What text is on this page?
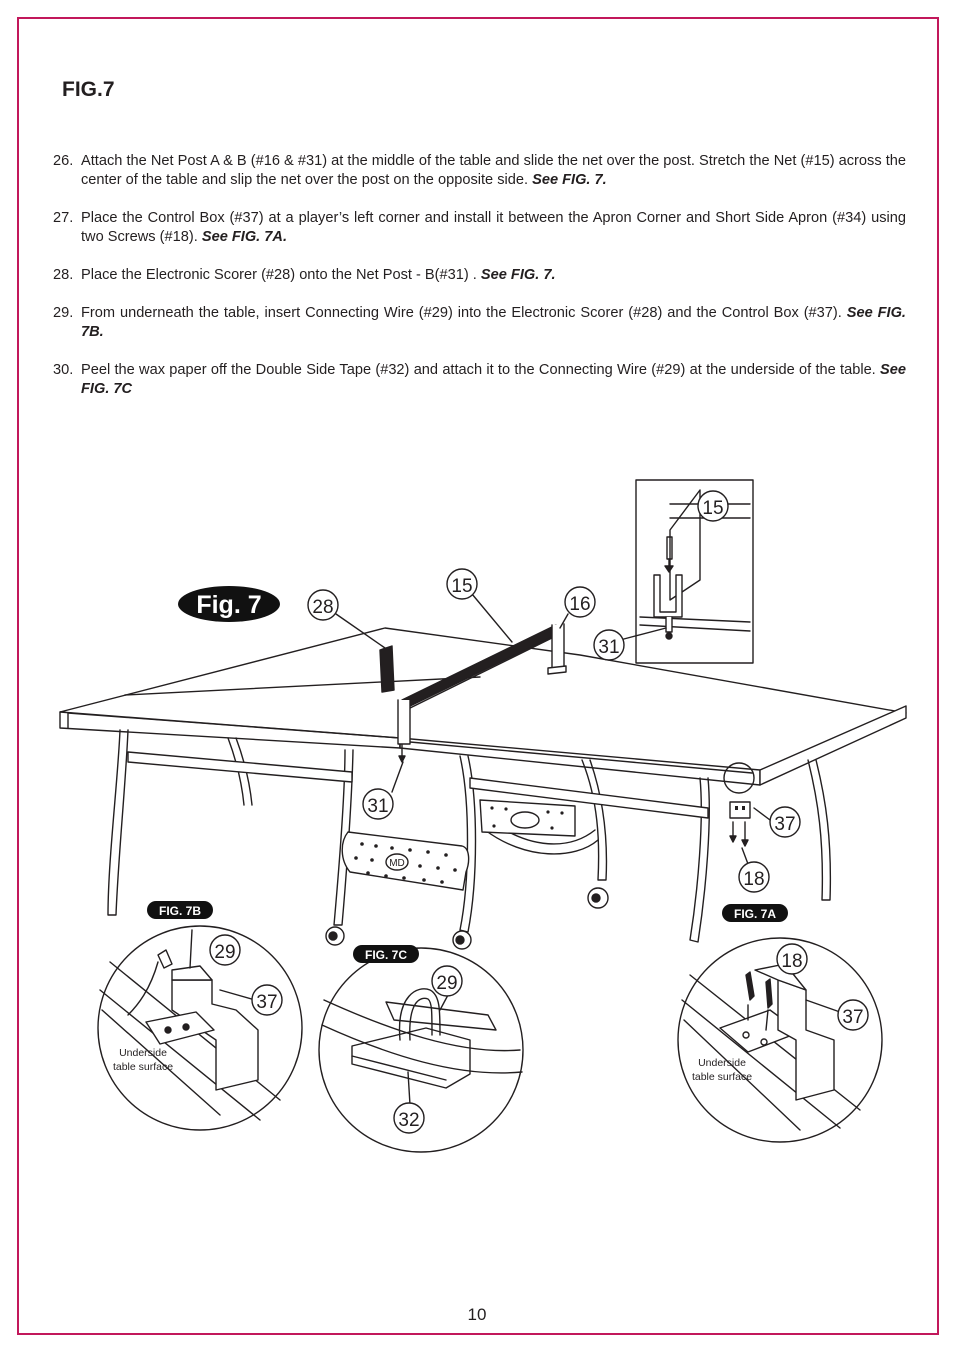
FIG.7
26. Attach the Net Post A & B (#16 & #31) at the middle of the table and slide the net over the post. Stretch the Net (#15) across the center of the table and slip the net over the post on the opposite side. See FIG. 7.
27. Place the Control Box (#37) at a player’s left corner and install it between the Apron Corner and Short Side Apron (#34) using two Screws (#18). See FIG. 7A.
28. Place the Electronic Scorer (#28) onto the Net Post - B(#31) . See FIG. 7.
29. From underneath the table, insert Connecting Wire (#29) into the Electronic Scorer (#28) and the Control Box (#37). See FIG. 7B.
30. Peel the wax paper off the Double Side Tape (#32) and attach it to the Connecting Wire (#29) at the underside of the table. See FIG. 7C
Fig. 7
MD
28
15
16
31
37
18
15
31
FIG. 7B
29
37
Underside
table surface
FIG. 7C
29
32
FIG. 7A
18
37
Underside
table surface
10
